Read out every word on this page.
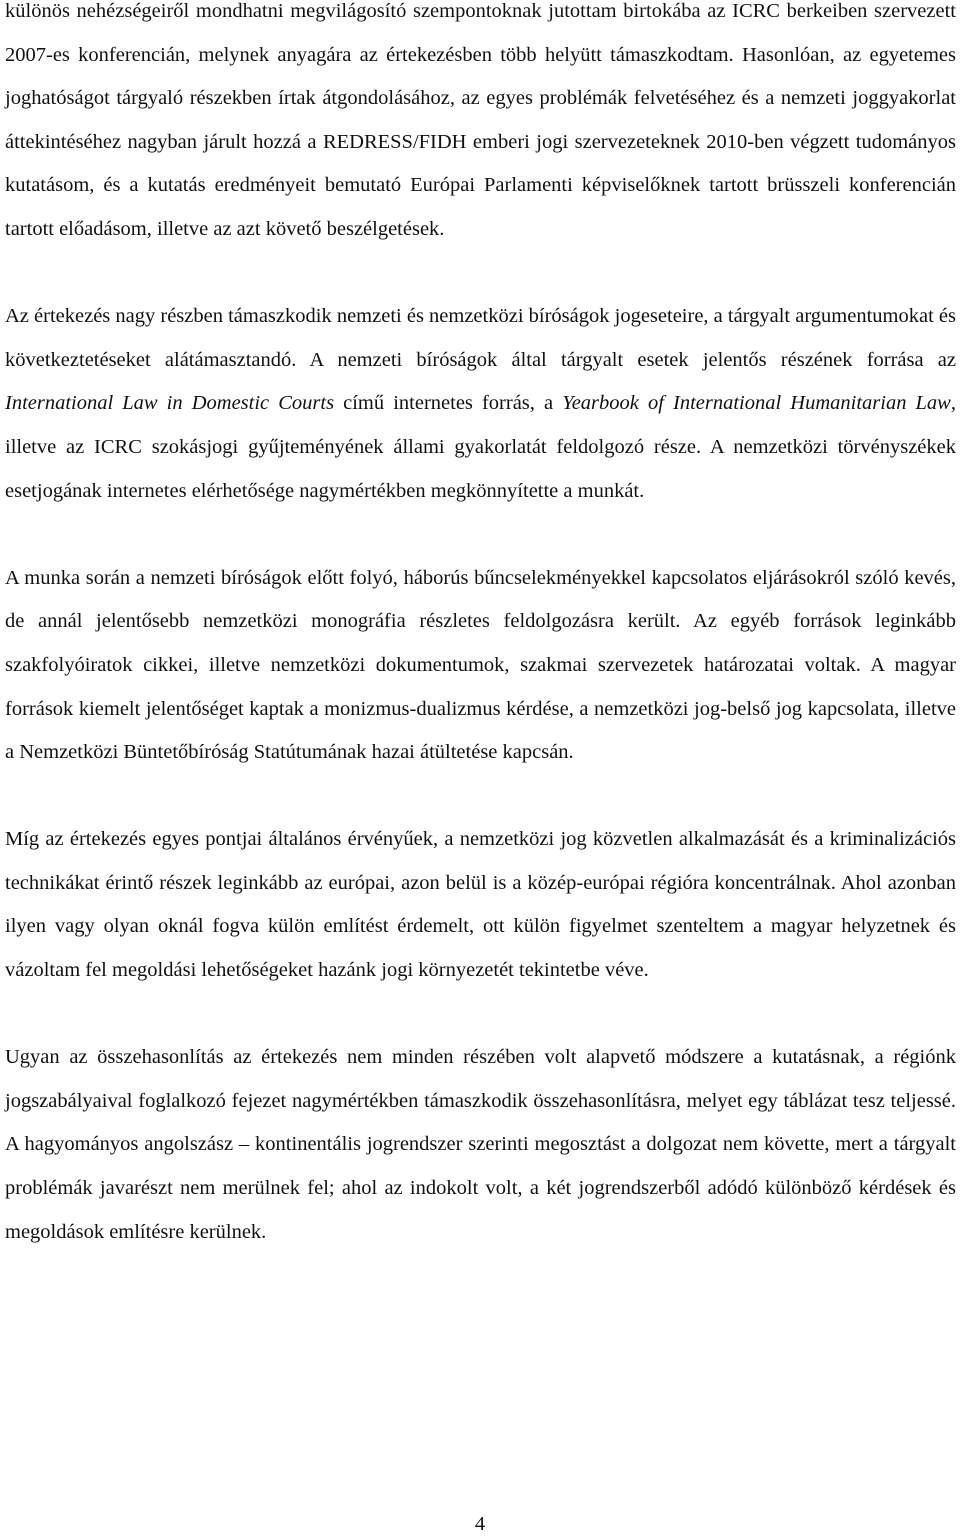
különös nehézségeiről mondhatni megvilágosító szempontoknak jutottam birtokába az ICRC berkeiben szervezett 2007-es konferencián, melynek anyagára az értekezésben több helyütt támaszkodtam. Hasonlóan, az egyetemes joghatóságot tárgyaló részekben írtak átgondolásához, az egyes problémák felvetéséhez és a nemzeti joggyakorlat áttekintéséhez nagyban járult hozzá a REDRESS/FIDH emberi jogi szervezeteknek 2010-ben végzett tudományos kutatásom, és a kutatás eredményeit bemutató Európai Parlamenti képviselőknek tartott brüsszeli konferencián tartott előadásom, illetve az azt követő beszélgetések.

Az értekezés nagy részben támaszkodik nemzeti és nemzetközi bíróságok jogeseteire, a tárgyalt argumentumokat és következtetéseket alátámasztandó. A nemzeti bíróságok által tárgyalt esetek jelentős részének forrása az International Law in Domestic Courts című internetes forrás, a Yearbook of International Humanitarian Law, illetve az ICRC szokásjogi gyűjteményének állami gyakorlatát feldolgozó része. A nemzetközi törvényszékek esetjogának internetes elérhetősége nagymértékben megkönnyítette a munkát.

A munka során a nemzeti bíróságok előtt folyó, háborús bűncselekményekkel kapcsolatos eljárásokról szóló kevés, de annál jelentősebb nemzetközi monográfia részletes feldolgozásra került. Az egyéb források leginkább szakfolyóiratok cikkei, illetve nemzetközi dokumentumok, szakmai szervezetek határozatai voltak. A magyar források kiemelt jelentőséget kaptak a monizmus-dualizmus kérdése, a nemzetközi jog-belső jog kapcsolata, illetve a Nemzetközi Büntetőbíróság Statútumának hazai átültetése kapcsán.

Míg az értekezés egyes pontjai általános érvényűek, a nemzetközi jog közvetlen alkalmazását és a kriminalizációs technikákat érintő részek leginkább az európai, azon belül is a közép-európai régióra koncentrálnak. Ahol azonban ilyen vagy olyan oknál fogva külön említést érdemelt, ott külön figyelmet szenteltem a magyar helyzetnek és vázoltam fel megoldási lehetőségeket hazánk jogi környezetét tekintetbe véve.

Ugyan az összehasonlítás az értekezés nem minden részében volt alapvető módszere a kutatásnak, a régiónk jogszabályaival foglalkozó fejezet nagymértékben támaszkodik összehasonlításra, melyet egy táblázat tesz teljessé. A hagyományos angolszász – kontinentális jogrendszer szerinti megosztást a dolgozat nem követte, mert a tárgyalt problémák javarészt nem merülnek fel; ahol az indokolt volt, a két jogrendszerből adódó különböző kérdések és megoldások említésre kerülnek.

4
